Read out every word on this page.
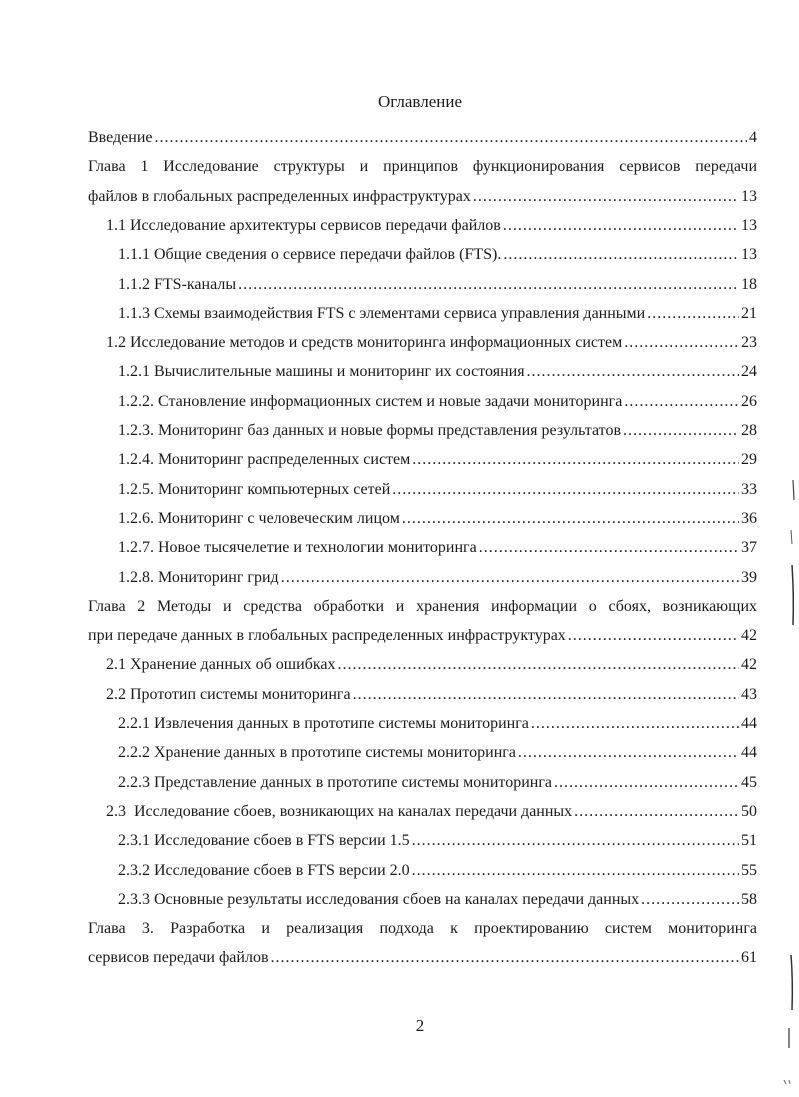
Оглавление
2
Введение .....	4
Глава 1 Исследование структуры и принципов функционирования сервисов передачи
файлов в глобальных распределенных инфраструктурах .....	13
1.1 Исследование архитектуры сервисов передачи файлов .....	13
1.1.1 Общие сведения о сервисе передачи файлов (FTS). .....	13
1.1.2 FTS-каналы .....	18
1.1.3 Схемы взаимодействия FTS с элементами сервиса управления данными .....	21
1.2 Исследование методов и средств мониторинга информационных систем .....	23
1.2.1 Вычислительные машины и мониторинг их состояния .....	24
1.2.2. Становление информационных систем и новые задачи мониторинга .....	26
1.2.3. Мониторинг баз данных и новые формы представления результатов .....	28
1.2.4. Мониторинг распределенных систем .....	29
1.2.5. Мониторинг компьютерных сетей .....	33
1.2.6. Мониторинг с человеческим лицом .....	36
1.2.7. Новое тысячелетие и технологии мониторинга .....	37
1.2.8. Мониторинг грид .....	39
Глава 2 Методы и средства обработки и хранения информации о сбоях, возникающих
при передаче данных в глобальных распределенных инфраструктурах .....	42
2.1 Хранение данных об ошибках .....	42
2.2 Прототип системы мониторинга .....	43
2.2.1 Извлечения данных в прототипе системы мониторинга .....	44
2.2.2 Хранение данных в прототипе системы мониторинга .....	44
2.2.3 Представление данных в прототипе системы мониторинга .....	45
2.3  Исследование сбоев, возникающих на каналах передачи данных .....	50
2.3.1 Исследование сбоев в FTS версии 1.5 .....	51
2.3.2 Исследование сбоев в FTS версии 2.0 .....	55
2.3.3 Основные результаты исследования сбоев на каналах передачи данных .....	58
Глава 3. Разработка и реализация подхода к проектированию систем мониторинга
сервисов передачи файлов .....	61
